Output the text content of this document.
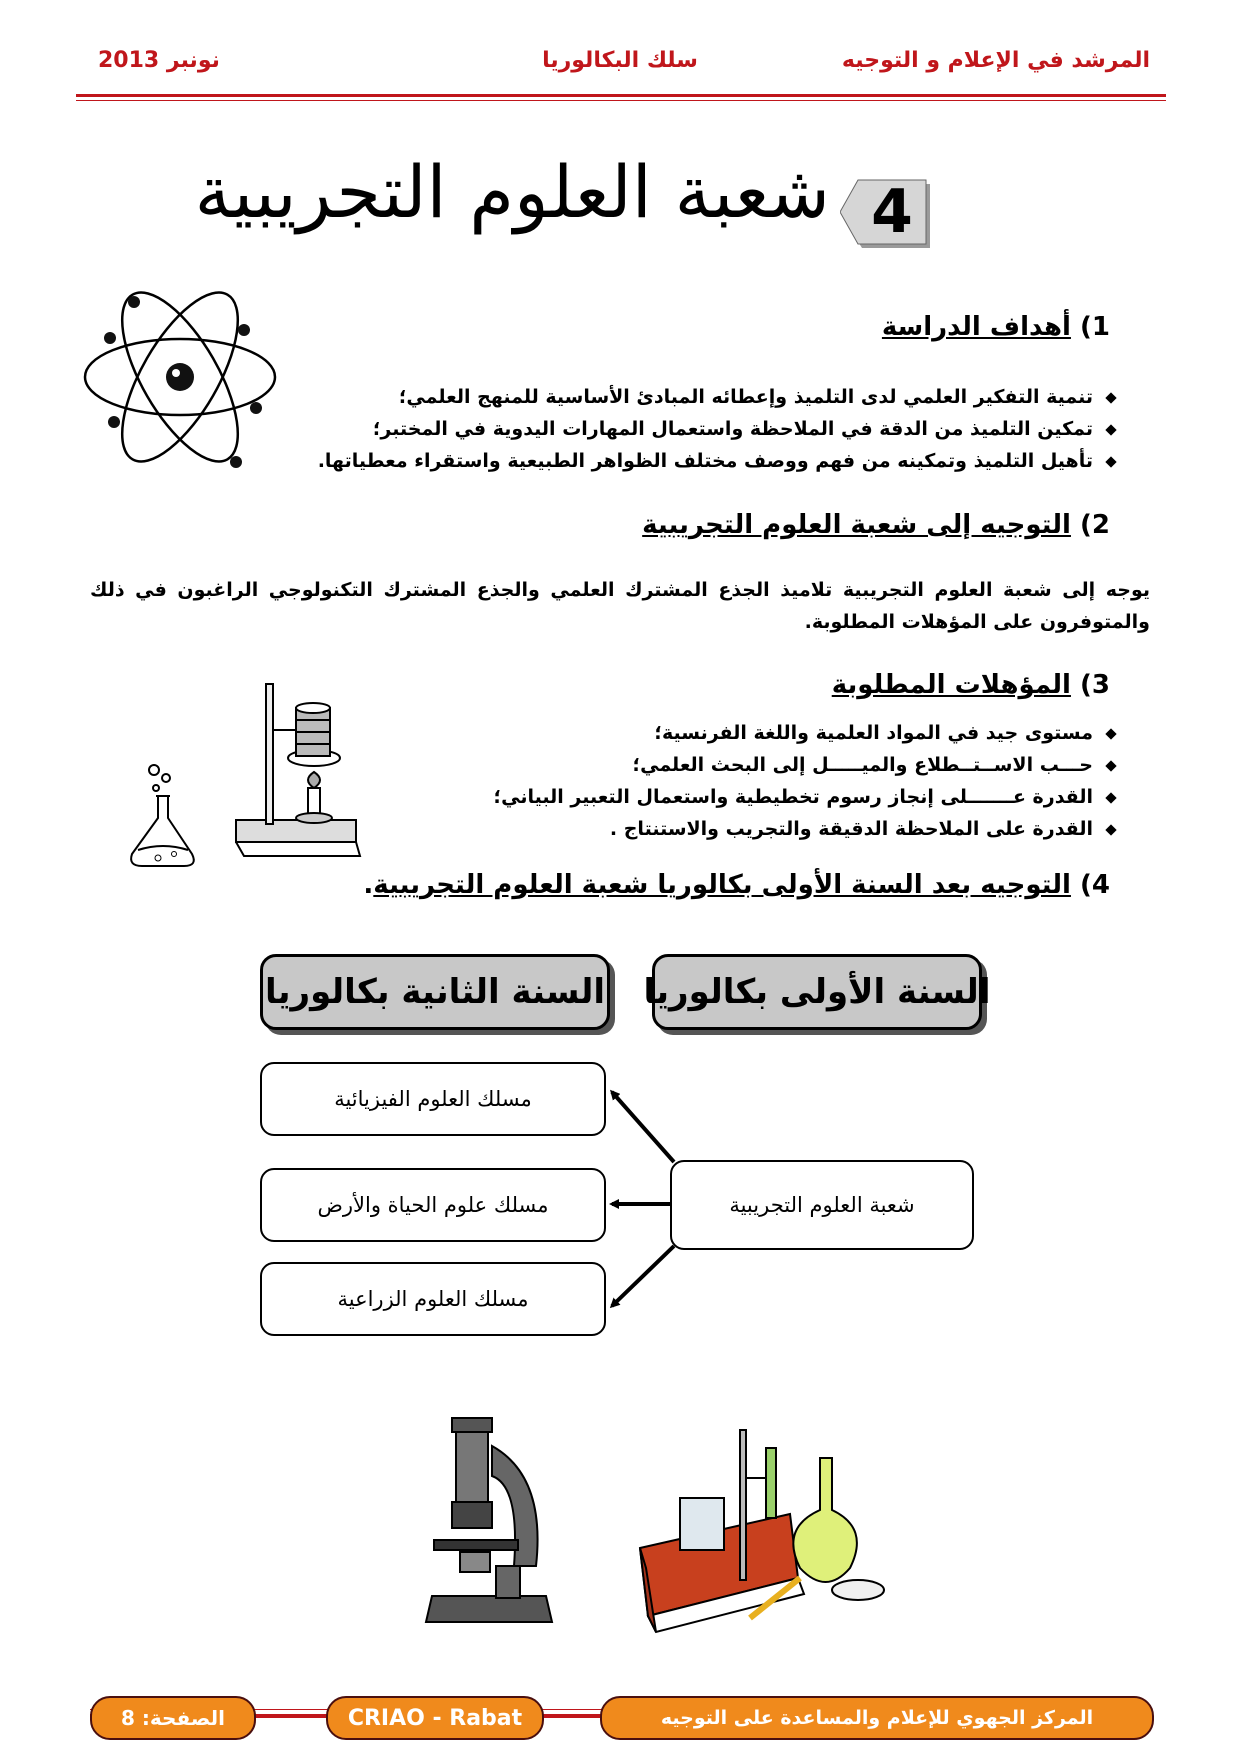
نونبر 2013	سلك البكالوريا	المرشد في الإعلام و التوجيه
شعبة العلوم التجريبية 4
1) أهداف الدراسة
تنمية التفكير العلمي لدى التلميذ وإعطائه المبادئ الأساسية للمنهج العلمي؛
تمكين التلميذ من الدقة في الملاحظة واستعمال المهارات اليدوية في المختبر؛
تأهيل التلميذ وتمكينه من فهم ووصف مختلف الظواهر الطبيعية واستقراء معطياتها.
2) التوجيه إلى شعبة العلوم التجريبية
يوجه إلى شعبة العلوم التجريبية تلاميذ الجذع المشترك العلمي والجذع المشترك التكنولوجي الراغبون في ذلك
والمتوفرون على المؤهلات المطلوبة.
3) المؤهلات المطلوبة
مستوى جيد في المواد العلمية واللغة الفرنسية؛
حـــب الاســتــطلاع والميـــــل إلى البحث العلمي؛
القدرة عـــــــلى إنجاز رسوم تخطيطية واستعمال التعبير البياني؛
القدرة على الملاحظة الدقيقة والتجريب والاستنتاج .
4) التوجيه بعد السنة الأولى بكالوريا شعبة العلوم التجريبية.
السنة الأولى بكالوريا
السنة الثانية بكالوريا
مسلك العلوم الفيزيائية
مسلك علوم الحياة والأرض
مسلك العلوم الزراعية
شعبة العلوم التجريبية
الصفحة: 8	CRIAO - Rabat	المركز الجهوي للإعلام والمساعدة على التوجيه
